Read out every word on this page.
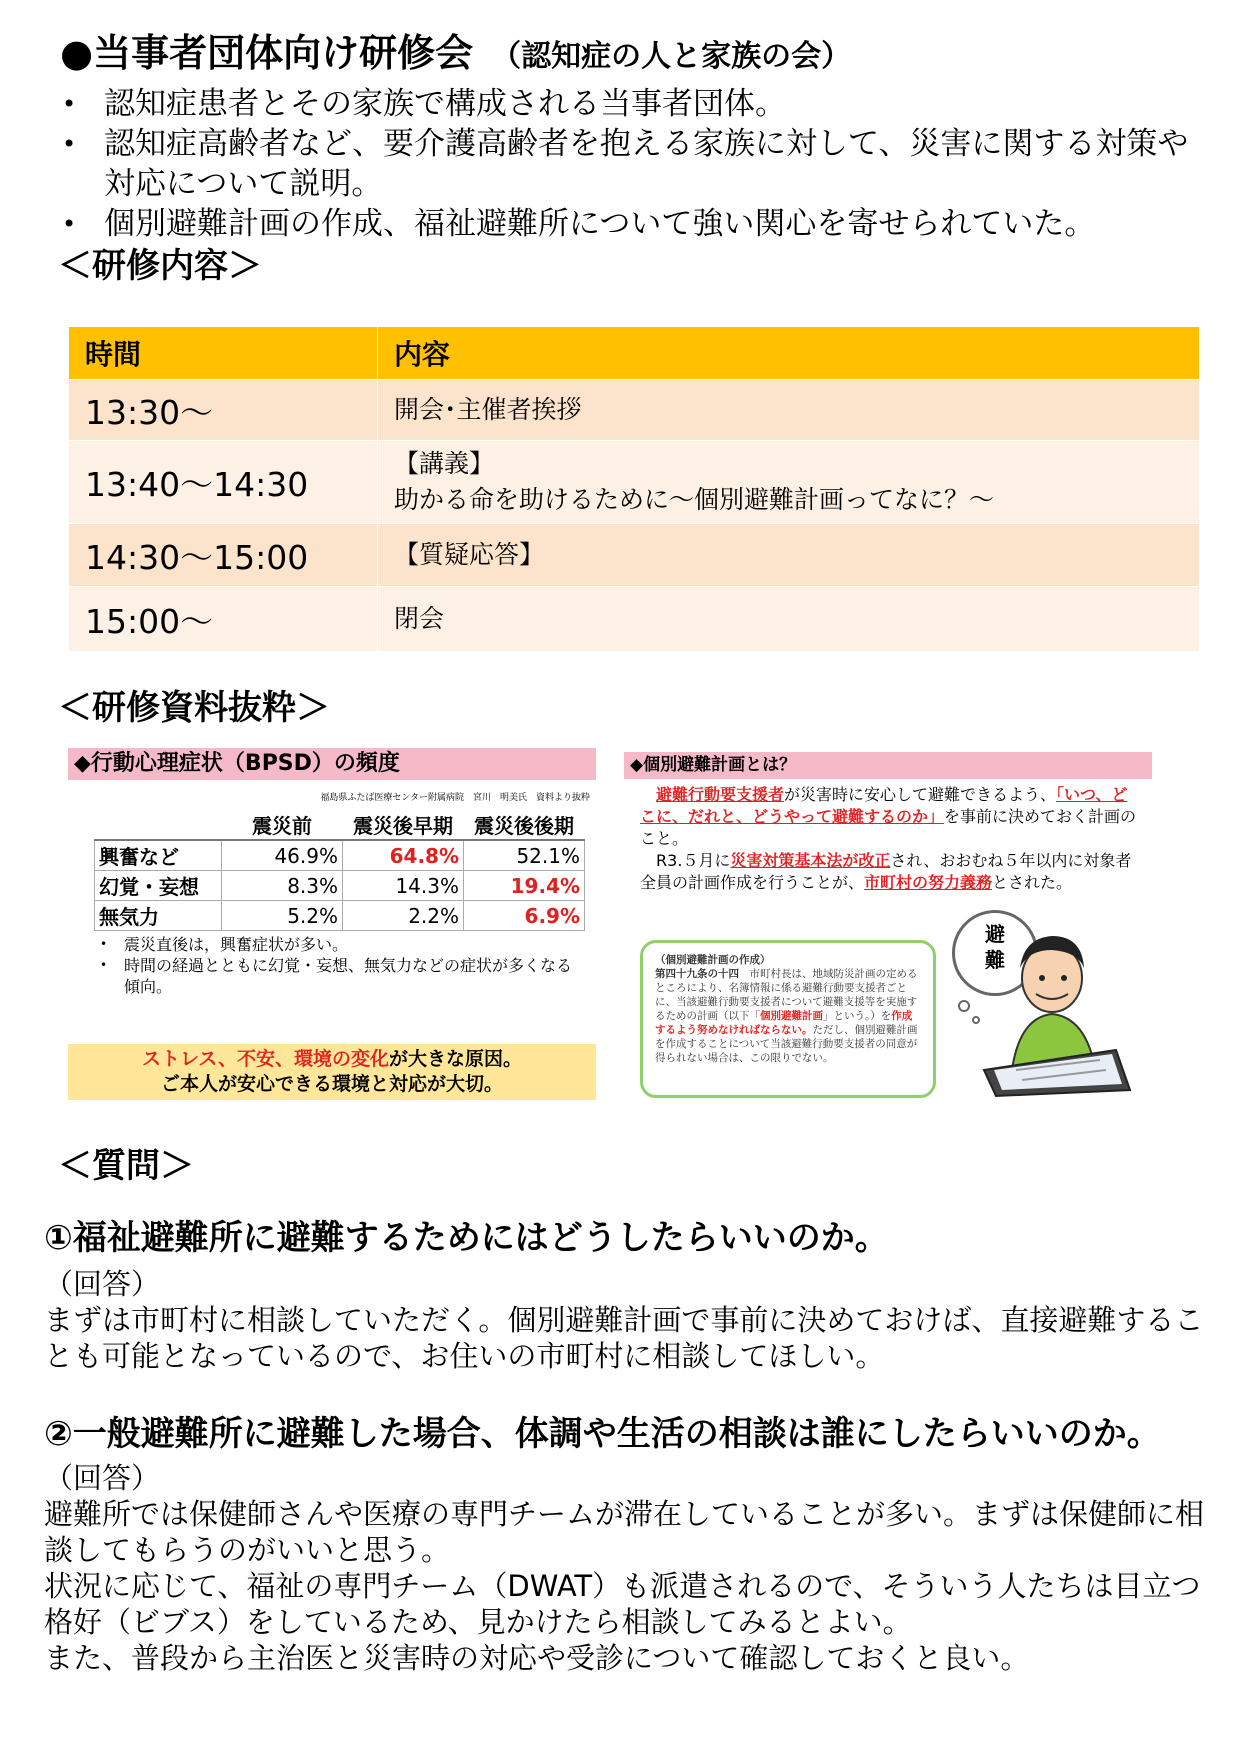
●当事者団体向け研修会 （認知症の人と家族の会）
• 認知症患者とその家族で構成される当事者団体。
• 認知症高齢者など、要介護高齢者を抱える家族に対して、災害に関する対策や対応について説明。
• 個別避難計画の作成、福祉避難所について強い関心を寄せられていた。
＜研修内容＞
時間	内容
13:30～	開会･主催者挨拶
13:40～14:30	【講義】
助かる命を助けるために～個別避難計画ってなに？～
14:30～15:00	【質疑応答】
15:00～	閉会
＜研修資料抜粋＞
◆行動心理症状（BPSD）の頻度
福島県ふたば医療センター附属病院　宮川　明美氏　資料より抜粋
	震災前	震災後早期	震災後後期
興奮など	46.9%	64.8%	52.1%
幻覚・妄想	8.3%	14.3%	19.4%
無気力	5.2%	2.2%	6.9%
• 震災直後は，興奮症状が多い。
• 時間の経過とともに幻覚・妄想、無気力などの症状が多くなる傾向。
ストレス、不安、環境の変化が大きな原因。
ご本人が安心できる環境と対応が大切。
◆個別避難計画とは？
　避難行動要支援者が災害時に安心して避難できるよう、「いつ、どこに、だれと、どうやって避難するのか」を事前に決めておく計画のこと。
　R3.５月に災害対策基本法が改正され、おおむね５年以内に対象者全員の計画作成を行うことが、市町村の努力義務とされた。
（個別避難計画の作成）
第四十九条の十四　市町村長は、地域防災計画の定めるところにより、名簿情報に係る避難行動要支援者ごとに、当該避難行動要支援者について避難支援等を実施するための計画（以下「個別避難計画」という。）を作成するよう努めなければならない。ただし、個別避難計画を作成することについて当該避難行動要支援者の同意が得られない場合は、この限りでない。
避
難
＜質問＞
①福祉避難所に避難するためにはどうしたらいいのか。
（回答）
まずは市町村に相談していただく。個別避難計画で事前に決めておけば、直接避難することも可能となっているので、お住いの市町村に相談してほしい。
②一般避難所に避難した場合、体調や生活の相談は誰にしたらいいのか。
（回答）
避難所では保健師さんや医療の専門チームが滞在していることが多い。まずは保健師に相談してもらうのがいいと思う。
状況に応じて、福祉の専門チーム（DWAT）も派遣されるので、そういう人たちは目立つ格好（ビブス）をしているため、見かけたら相談してみるとよい。
また、普段から主治医と災害時の対応や受診について確認しておくと良い。
